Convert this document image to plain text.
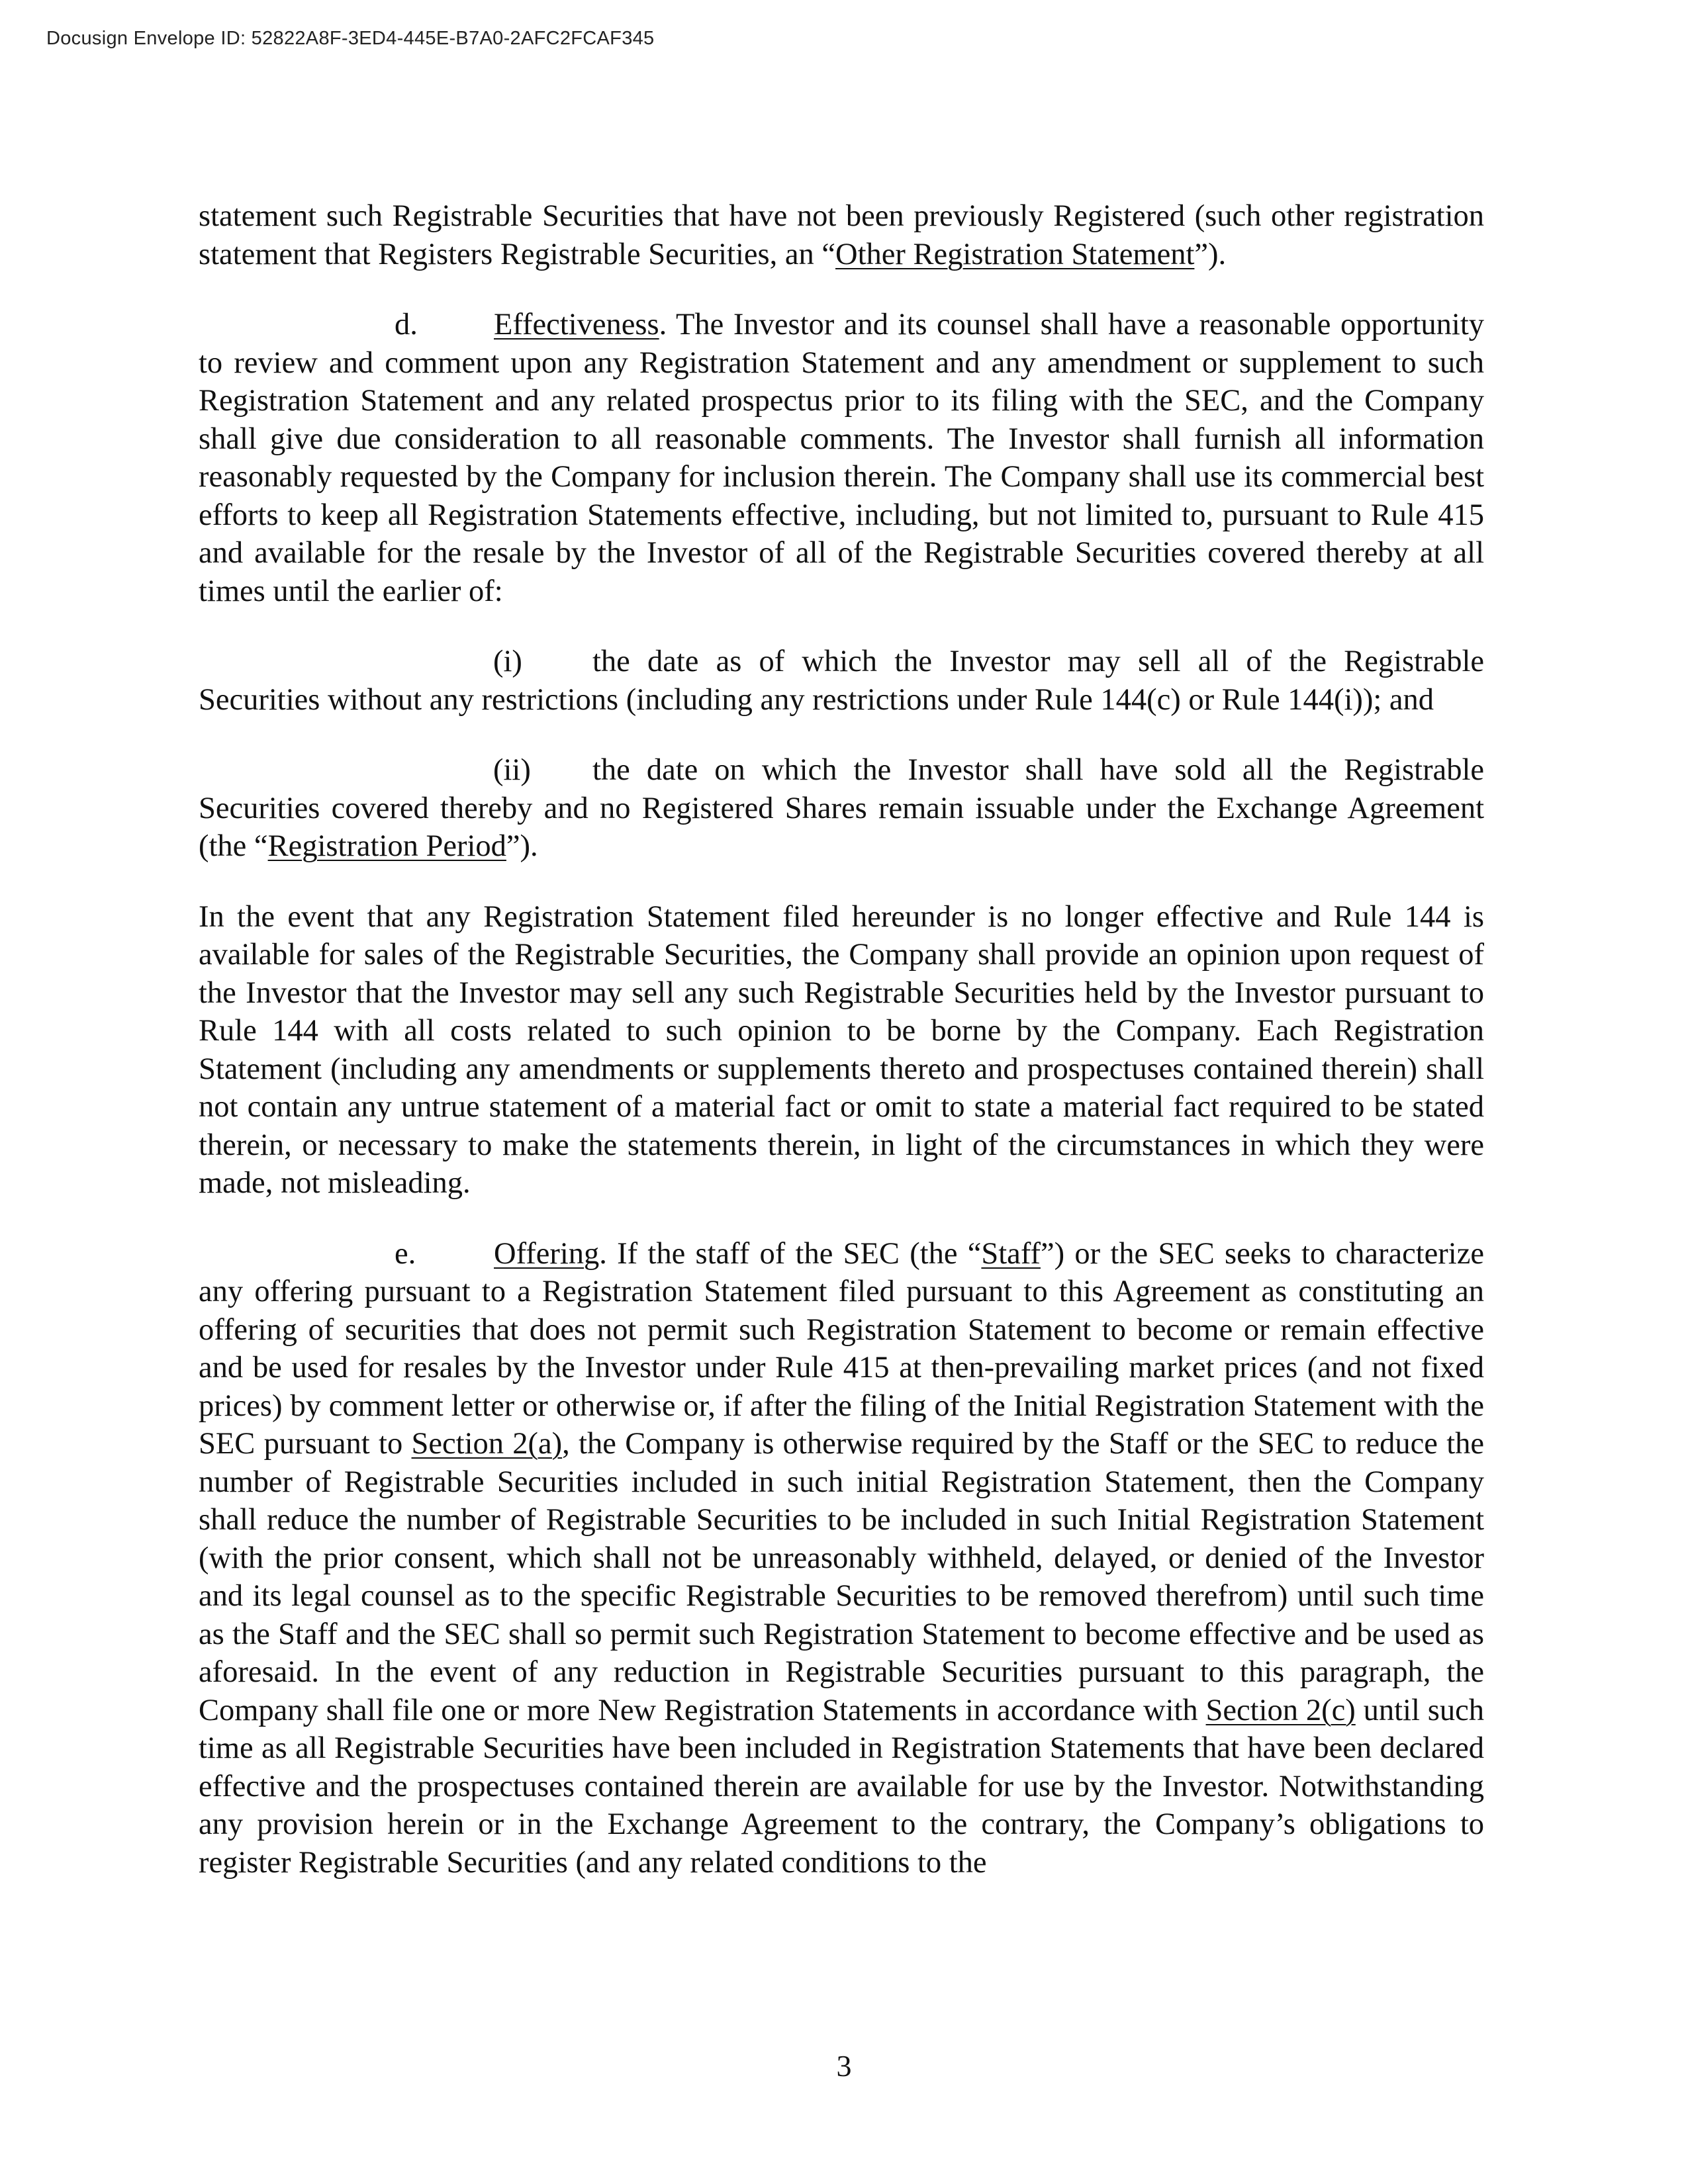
Docusign Envelope ID: 52822A8F-3ED4-445E-B7A0-2AFC2FCAF345

statement such Registrable Securities that have not been previously Registered (such other registration statement that Registers Registrable Securities, an “Other Registration Statement”).

d. Effectiveness. The Investor and its counsel shall have a reasonable opportunity to review and comment upon any Registration Statement and any amendment or supplement to such Registration Statement and any related prospectus prior to its filing with the SEC, and the Company shall give due consideration to all reasonable comments. The Investor shall furnish all information reasonably requested by the Company for inclusion therein. The Company shall use its commercial best efforts to keep all Registration Statements effective, including, but not limited to, pursuant to Rule 415 and available for the resale by the Investor of all of the Registrable Securities covered thereby at all times until the earlier of:

(i) the date as of which the Investor may sell all of the Registrable Securities without any restrictions (including any restrictions under Rule 144(c) or Rule 144(i)); and

(ii) the date on which the Investor shall have sold all the Registrable Securities covered thereby and no Registered Shares remain issuable under the Exchange Agreement (the “Registration Period”).

In the event that any Registration Statement filed hereunder is no longer effective and Rule 144 is available for sales of the Registrable Securities, the Company shall provide an opinion upon request of the Investor that the Investor may sell any such Registrable Securities held by the Investor pursuant to Rule 144 with all costs related to such opinion to be borne by the Company. Each Registration Statement (including any amendments or supplements thereto and prospectuses contained therein) shall not contain any untrue statement of a material fact or omit to state a material fact required to be stated therein, or necessary to make the statements therein, in light of the circumstances in which they were made, not misleading.

e.	Offering. If the staff of the SEC (the “Staff”) or the SEC seeks to characterize any offering pursuant to a Registration Statement filed pursuant to this Agreement as constituting an offering of securities that does not permit such Registration Statement to become or remain effective and be used for resales by the Investor under Rule 415 at then-prevailing market prices (and not fixed prices) by comment letter or otherwise or, if after the filing of the Initial Registration Statement with the SEC pursuant to Section 2(a), the Company is otherwise required by the Staff or the SEC to reduce the number of Registrable Securities included in such initial Registration Statement, then the Company shall reduce the number of Registrable Securities to be included in such Initial Registration Statement (with the prior consent, which shall not be unreasonably withheld, delayed, or denied of the Investor and its legal counsel as to the specific Registrable Securities to be removed therefrom) until such time as the Staff and the SEC shall so permit such Registration Statement to become effective and be used as aforesaid. In the event of any reduction in Registrable Securities pursuant to this paragraph, the Company shall file one or more New Registration Statements in accordance with Section 2(c) until such time as all Registrable Securities have been included in Registration Statements that have been declared effective and the prospectuses contained therein are available for use by the Investor. Notwithstanding any provision herein or in the Exchange Agreement to the contrary, the Company’s obligations to register Registrable Securities (and any related conditions to the

3
